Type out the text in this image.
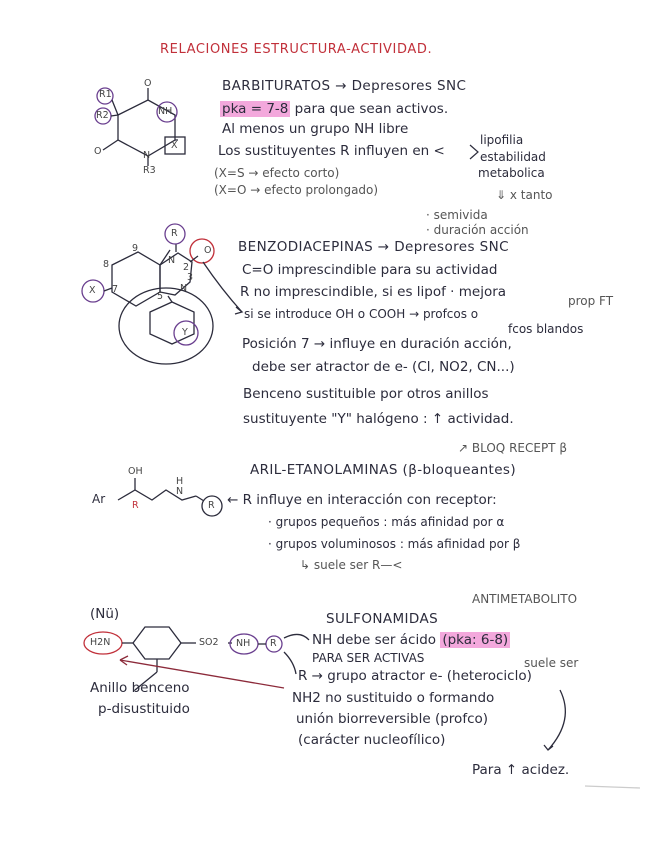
RELACIONES ESTRUCTURA-ACTIVIDAD.
R1
R2	NH
O
O	N
R3
X
BARBITURATOS → Depresores SNC
pka = 7-8 para que sean activos.
Al menos un grupo NH libre
Los sustituyentes R influyen en <
lipofilia
estabilidad
metabolica
(X=S → efecto corto)
(X=O → efecto prolongado)	⇓ x tanto
· semivida
· duración acción
R
O
N
N
X
Y
9
8
7
2
3
5
BENZODIACEPINAS → Depresores SNC
C=O imprescindible para su actividad
R no imprescindible, si es lipof · mejora
prop FT
si se introduce OH o COOH → profcos o
fcos blandos
Posición 7 → influye en duración acción,
debe ser atractor de e- (Cl, NO2, CN...)
Benceno sustituible por otros anillos
sustituyente "Y" halógeno : ↑ actividad.
↗ BLOQ RECEPT β
OH
Ar	R
H
N
R
ARIL-ETANOLAMINAS (β-bloqueantes)
← R influye en interacción con receptor:
· grupos pequeños : más afinidad por α
· grupos voluminosos : más afinidad por β
↳ suele ser R—<
(Nü)
H2N	SO2 NH R
ANTIMETABOLITO
SULFONAMIDAS
NH debe ser ácido (pka: 6-8)
PARA SER ACTIVAS	suele ser
R → grupo atractor e- (heterociclo)
NH2 no sustituido o formando
unión biorreversible (profco)
(carácter nucleofílico)
Para ↑ acidez.
Anillo benceno
p-disustituido
